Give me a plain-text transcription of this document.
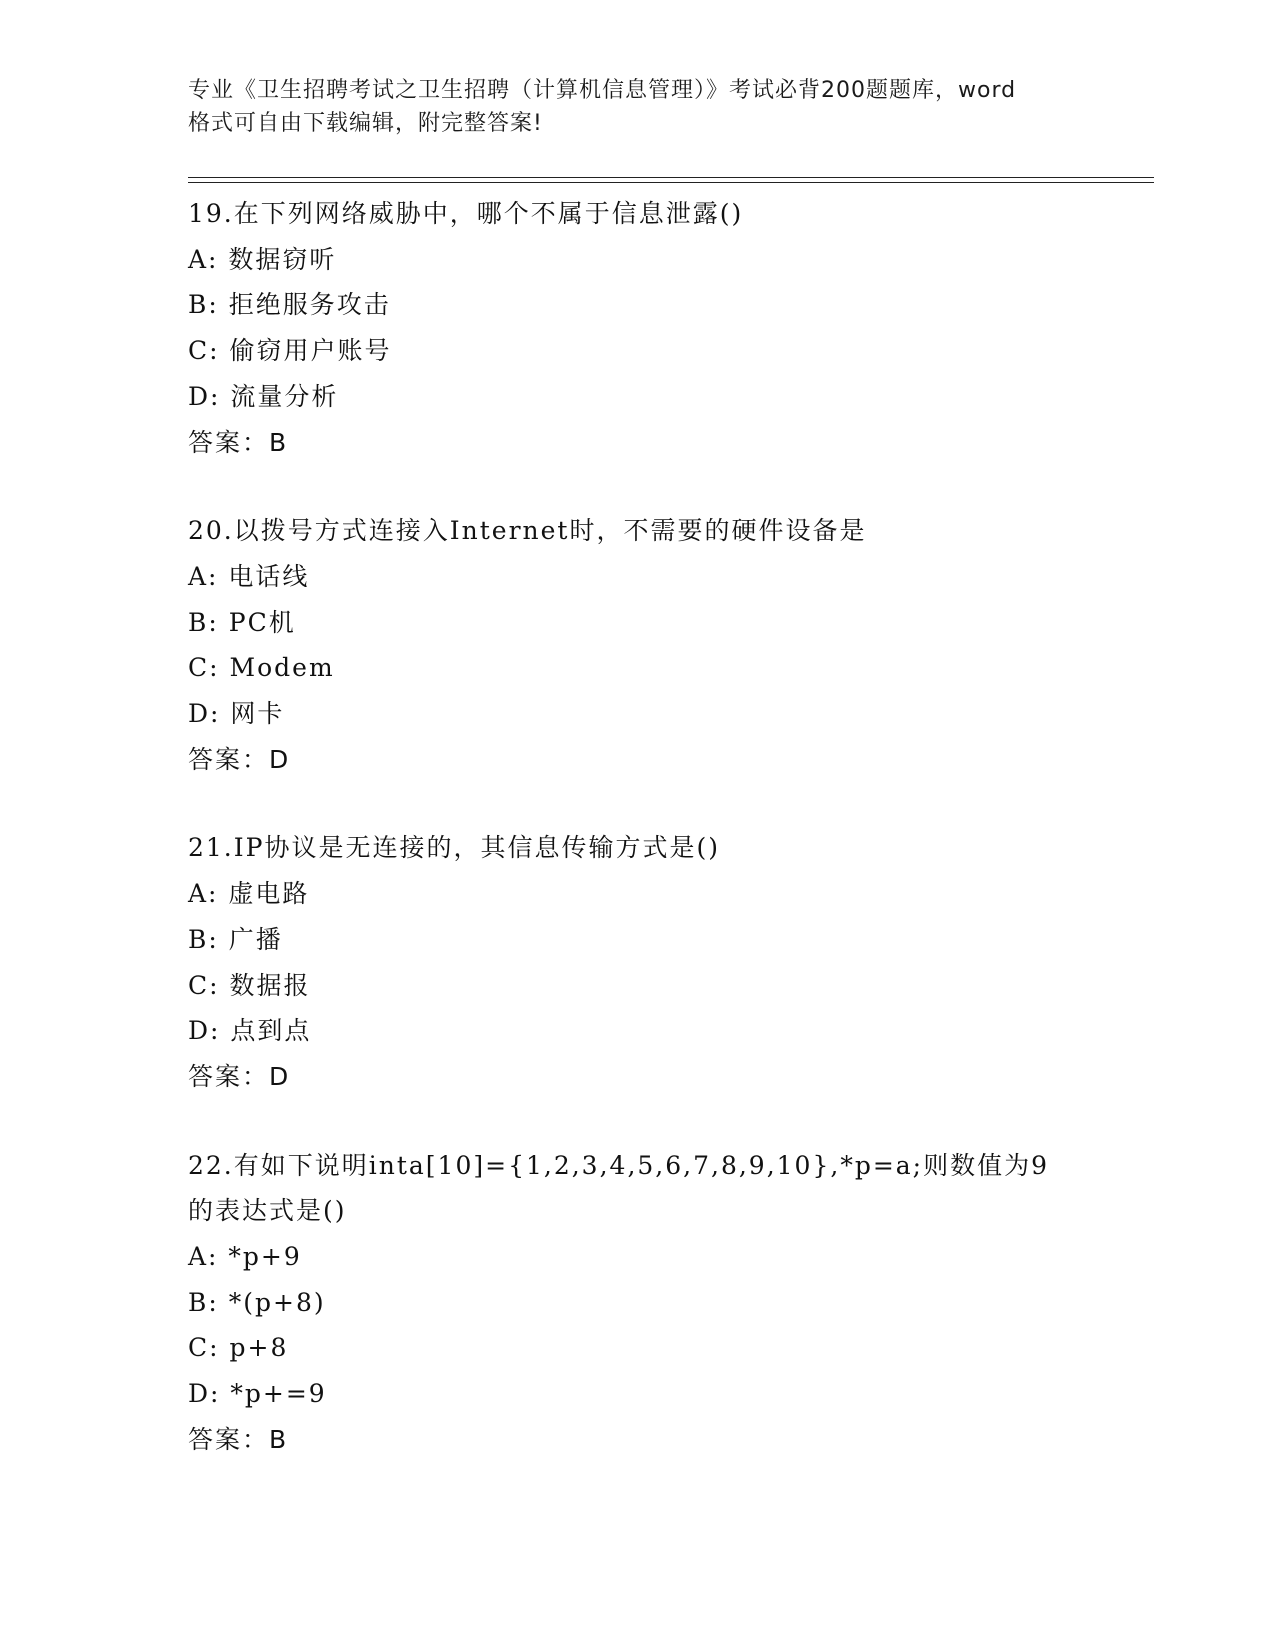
专业《卫生招聘考试之卫生招聘（计算机信息管理）》考试必背200题题库，word
格式可自由下载编辑，附完整答案!
19.在下列网络威胁中，哪个不属于信息泄露()
A: 数据窃听
B: 拒绝服务攻击
C: 偷窃用户账号
D: 流量分析
答案：B
20.以拨号方式连接入Internet时，不需要的硬件设备是
A: 电话线
B: PC机
C: Modem
D: 网卡
答案：D
21.IP协议是无连接的，其信息传输方式是()
A: 虚电路
B: 广播
C: 数据报
D: 点到点
答案：D
22.有如下说明inta[10]={1,2,3,4,5,6,7,8,9,10},*p=a;则数值为9
的表达式是()
A: *p+9
B: *(p+8)
C: p+8
D: *p+=9
答案：B
